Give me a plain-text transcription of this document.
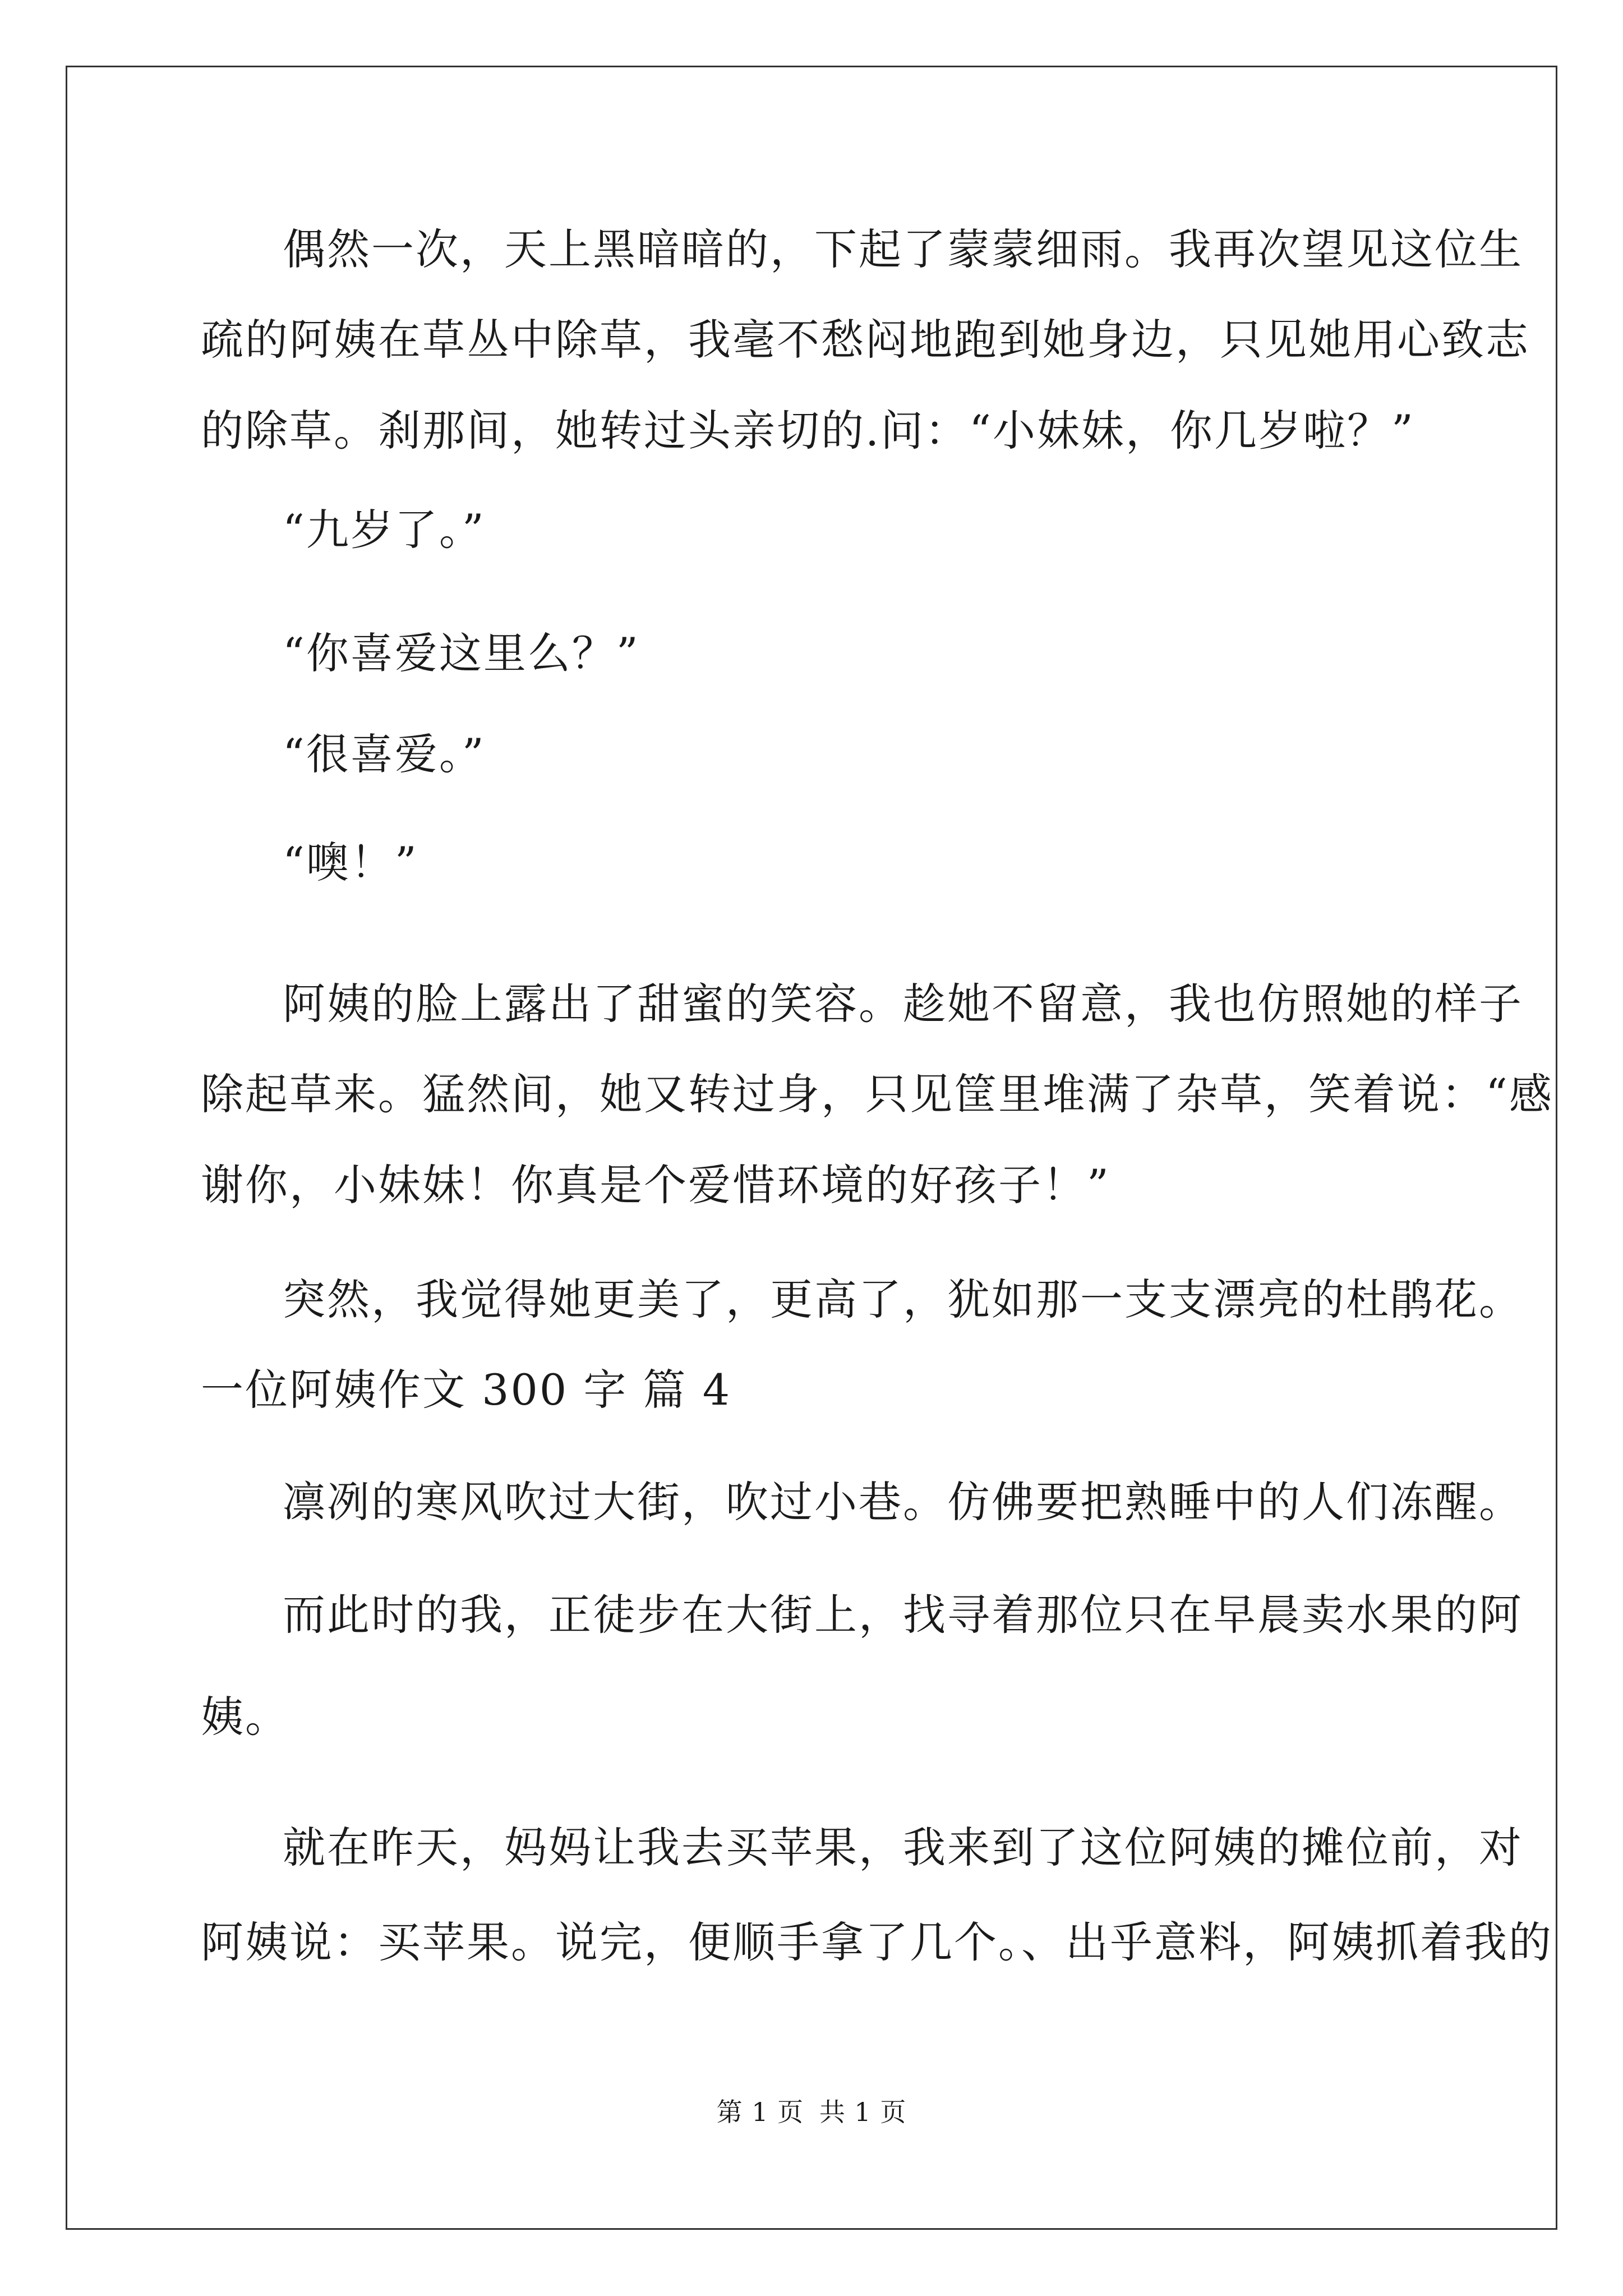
偶然一次，天上黑暗暗的，下起了蒙蒙细雨。我再次望见这位生
疏的阿姨在草丛中除草，我毫不愁闷地跑到她身边，只见她用心致志
的除草。刹那间，她转过头亲切的.问：“小妹妹，你几岁啦？”
“九岁了。”
“你喜爱这里么？”
“很喜爱。”
“噢！”
阿姨的脸上露出了甜蜜的笑容。趁她不留意，我也仿照她的样子
除起草来。猛然间，她又转过身，只见筐里堆满了杂草，笑着说：“感
谢你，小妹妹！你真是个爱惜环境的好孩子！”
突然，我觉得她更美了，更高了，犹如那一支支漂亮的杜鹃花。
一位阿姨作文 300 字 篇 4
凛冽的寒风吹过大街，吹过小巷。仿佛要把熟睡中的人们冻醒。
而此时的我，正徒步在大街上，找寻着那位只在早晨卖水果的阿
姨。
就在昨天，妈妈让我去买苹果，我来到了这位阿姨的摊位前，对
阿姨说：买苹果。说完，便顺手拿了几个。、出乎意料，阿姨抓着我的
第 1 页 共 1 页
